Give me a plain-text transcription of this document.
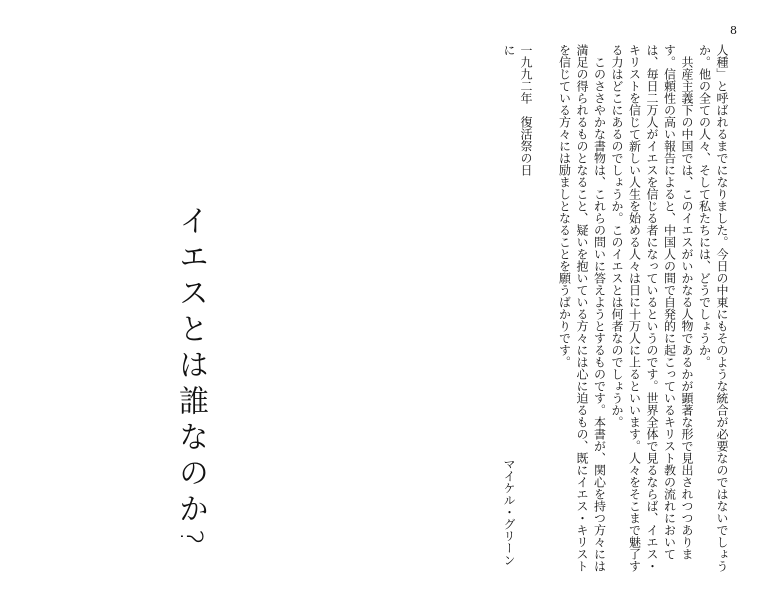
8
イエスとは誰なのか?	人種」と呼ばれるまでになりました。今日の中東にもそのような統合が必要なのではないでしょうか。他の全ての人々、そして私たちには、どうでしょうか。

　共産主義下の中国では、このイエスがいかなる人物であるかが顕著な形で見出されつつあります。信頼性の高い報告によると、中国人の間で自発的に起こっているキリスト教の流れにおいては、毎日二万人がイエスを信じる者になっているというのです。世界全体で見るならば、イエス・キリストを信じて新しい人生を始める人々は日に十万人に上るといいます。人々をそこまで魅了する力はどこにあるのでしょうか。このイエスとは何者なのでしょうか。

　このささやかな書物は、これらの問いに答えようとするものです。本書が、関心を持つ方々には満足の得られるものとなること、疑いを抱いている方々には心に迫るもの、既にイエス・キリストを信じている方々には励ましとなることを願うばかりです。

一九九二年　復活祭の日に
マイケル・グリーン
